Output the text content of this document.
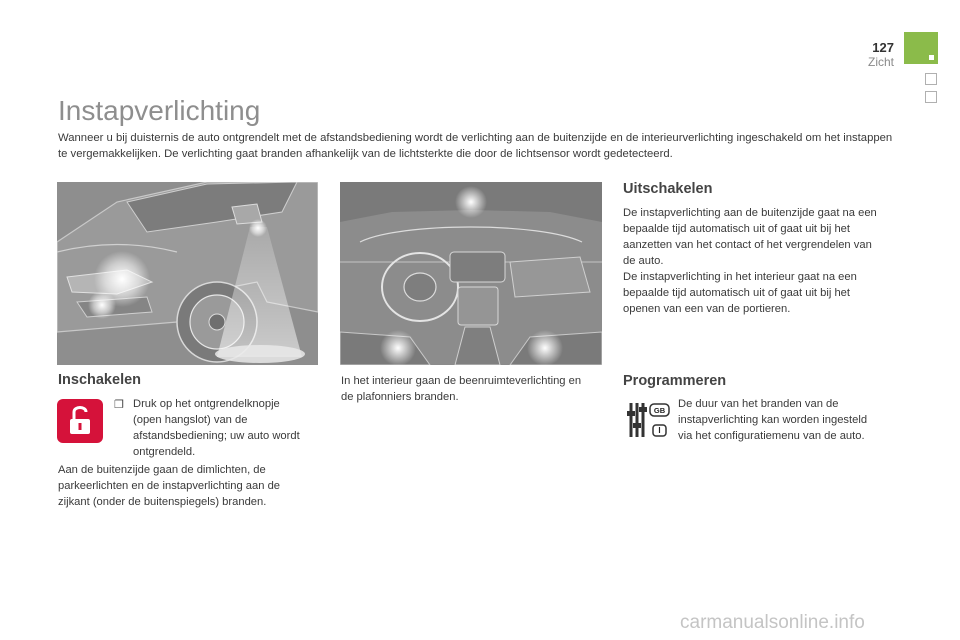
127
Zicht
Instapverlichting

Wanneer u bij duisternis de auto ontgrendelt met de afstandsbediening wordt de verlichting aan de buitenzijde en de interieurverlichting ingeschakeld om het instappen te vergemakkelijken. De verlichting gaat branden afhankelijk van de lichtsterkte die door de lichtsensor wordt gedetecteerd.

Inschakelen
❐ Druk op het ontgrendelknopje (open hangslot) van de afstandsbediening; uw auto wordt ontgrendeld.

Aan de buitenzijde gaan de dimlichten, de parkeerlichten en de instapverlichting aan de zijkant (onder de buitenspiegels) branden.

In het interieur gaan de beenruimteverlichting en de plafonniers branden.

Uitschakelen

De instapverlichting aan de buitenzijde gaat na een bepaalde tijd automatisch uit of gaat uit bij het aanzetten van het contact of het vergrendelen van de auto.

De instapverlichting in het interieur gaat na een bepaalde tijd automatisch uit of gaat uit bij het openen van een van de portieren.

Programmeren
GB
I

De duur van het branden van de instapverlichting kan worden ingesteld via het configuratiemenu van de auto.

carmanualsonline.info
